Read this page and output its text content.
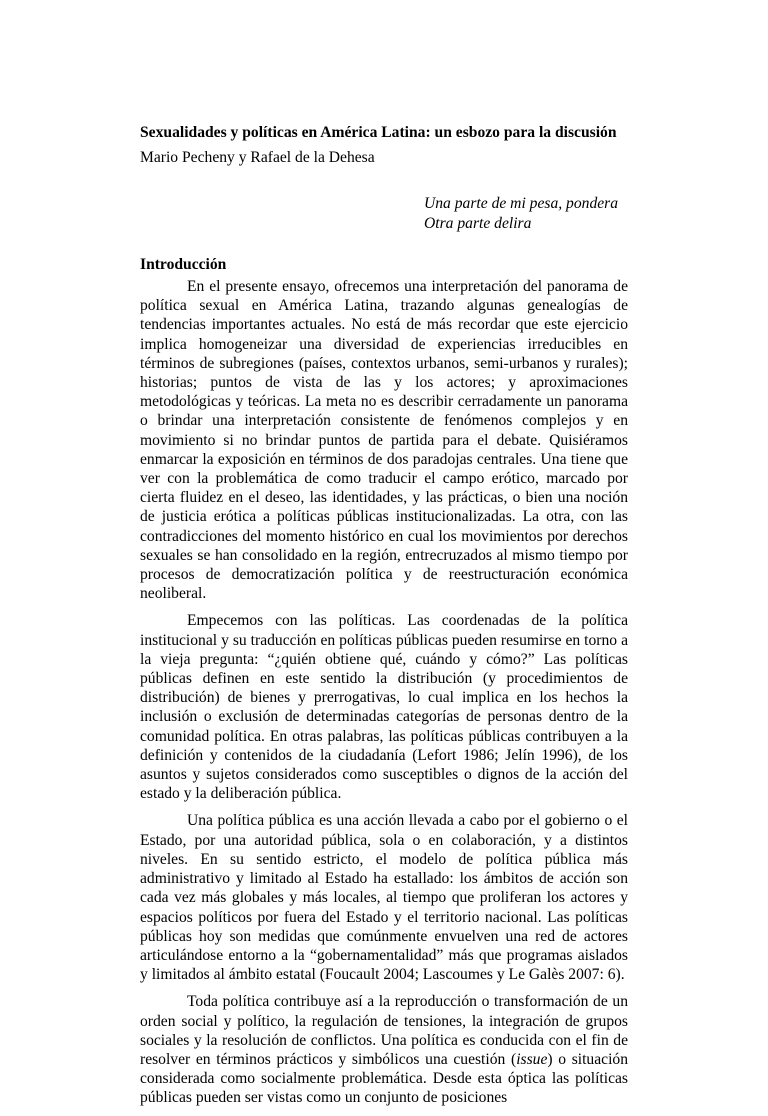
Sexualidades y políticas en América Latina: un esbozo para la discusión
Mario Pecheny y Rafael de la Dehesa
Una parte de mi pesa, pondera
Otra parte delira
Introducción

En el presente ensayo, ofrecemos una interpretación del panorama de política sexual en América Latina, trazando algunas genealogías de tendencias importantes actuales. No está de más recordar que este ejercicio implica homogeneizar una diversidad de experiencias irreducibles en términos de subregiones (países, contextos urbanos, semi-urbanos y rurales); historias; puntos de vista de las y los actores; y aproximaciones metodológicas y teóricas. La meta no es describir cerradamente un panorama o brindar una interpretación consistente de fenómenos complejos y en movimiento si no brindar puntos de partida para el debate. Quisiéramos enmarcar la exposición en términos de dos paradojas centrales. Una tiene que ver con la problemática de como traducir el campo erótico, marcado por cierta fluidez en el deseo, las identidades, y las prácticas, o bien una noción de justicia erótica a políticas públicas institucionalizadas. La otra, con las contradicciones del momento histórico en cual los movimientos por derechos sexuales se han consolidado en la región, entrecruzados al mismo tiempo por procesos de democratización política y de reestructuración económica neoliberal.

Empecemos con las políticas. Las coordenadas de la política institucional y su traducción en políticas públicas pueden resumirse en torno a la vieja pregunta: “¿quién obtiene qué, cuándo y cómo?” Las políticas públicas definen en este sentido la distribución (y procedimientos de distribución) de bienes y prerrogativas, lo cual implica en los hechos la inclusión o exclusión de determinadas categorías de personas dentro de la comunidad política. En otras palabras, las políticas públicas contribuyen a la definición y contenidos de la ciudadanía (Lefort 1986; Jelín 1996), de los asuntos y sujetos considerados como susceptibles o dignos de la acción del estado y la deliberación pública.

Una política pública es una acción llevada a cabo por el gobierno o el Estado, por una autoridad pública, sola o en colaboración, y a distintos niveles. En su sentido estricto, el modelo de política pública más administrativo y limitado al Estado ha estallado: los ámbitos de acción son cada vez más globales y más locales, al tiempo que proliferan los actores y espacios políticos por fuera del Estado y el territorio nacional. Las políticas públicas hoy son medidas que comúnmente envuelven una red de actores articulándose entorno a la “gobernamentalidad” más que programas aislados y limitados al ámbito estatal (Foucault 2004; Lascoumes y Le Galès 2007: 6).

Toda política contribuye así a la reproducción o transformación de un orden social y político, la regulación de tensiones, la integración de grupos sociales y la resolución de conflictos. Una política es conducida con el fin de resolver en términos prácticos y simbólicos una cuestión (issue) o situación considerada como socialmente problemática. Desde esta óptica las políticas públicas pueden ser vistas como un conjunto de posiciones
